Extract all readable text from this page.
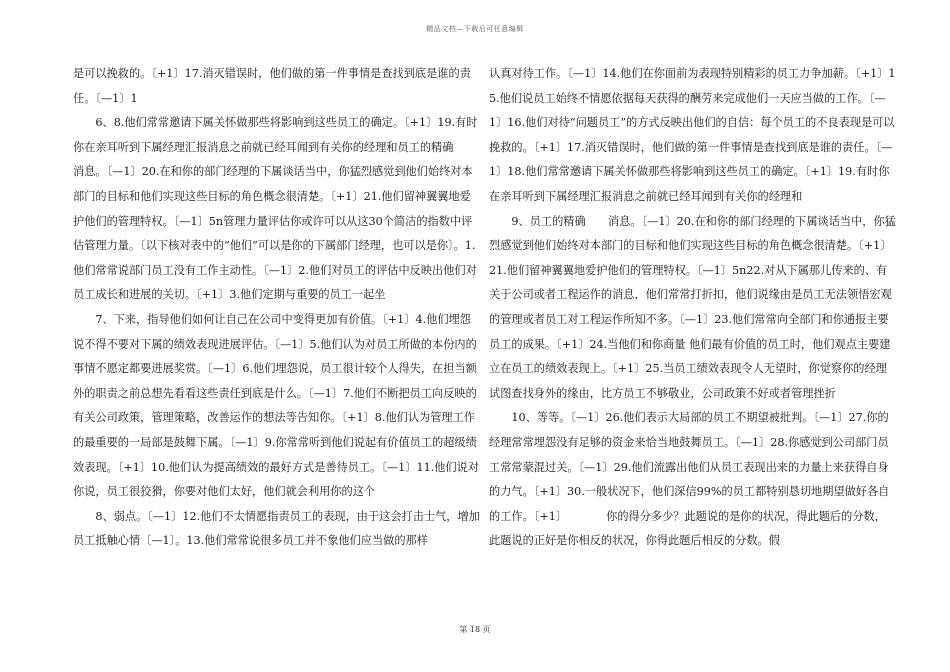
精品文档—下载后可任意编辑

是可以挽救的。〔+1〕17.消灭错误时，他们做的第一件事情是查找到底是谁的责任。〔—1〕1

6、8.他们常常邀请下属关怀做那些将影响到这些员工的确定。〔+1〕19.有时你在亲耳听到下属经理汇报消息之前就已经耳闻到有关你的经理和员工的精确　　消息。〔—1〕20.在和你的部门经理的下属谈话当中，你猛烈感觉到他们始终对本部门的目标和他们实现这些目标的角色概念很清楚。〔+1〕21.他们留神翼翼地爱护他们的管理特权。〔—1〕5n管理力量评估你或许可以从这30个简洁的指数中评估管理力量。〔以下核对表中的“他们”可以是你的下属部门经理，也可以是你〕。1.他们常常说部门员工没有工作主动性。〔—1〕2.他们对员工的评估中反映出他们对员工成长和进展的关切。〔+1〕3.他们定期与重要的员工一起坐

7、下来，指导他们如何让自己在公司中变得更加有价值。〔+1〕4.他们埋怨说不得不要对下属的绩效表现进展评估。〔—1〕5.他们认为对员工所做的本份内的事情不愿定都要进展奖赏。〔—1〕6.他们埋怨说，员工很计较个人得失，在担当额外的职责之前总想先看看这些责任到底是什么。〔—1〕7.他们不断把员工向反映的有关公司政策，管理策略，改善运作的想法等告知你。〔+1〕8.他们认为管理工作的最重要的一局部是鼓舞下属。〔—1〕9.你常常听到他们说起有价值员工的超级绩效表现。〔+1〕10.他们认为提高绩效的最好方式是善待员工。〔—1〕11.他们说对你说，员工很狡猾，你要对他们太好，他们就会利用你的这个

8、弱点。〔—1〕12.他们不太情愿指责员工的表现，由于这会打击士气，增加员工抵触心情〔—1〕。13.他们常常说很多员工并不象他们应当做的那样

认真对待工作。〔—1〕14.他们在你面前为表现特别精彩的员工力争加薪。〔+1〕15.他们说员工始终不情愿依据每天获得的酬劳来完成他们一天应当做的工作。〔—1〕16.他们对待“问题员工”的方式反映出他们的自信：每个员工的不良表现是可以挽救的。〔+1〕17.消灭错误时，他们做的第一件事情是查找到底是谁的责任。〔—1〕18.他们常常邀请下属关怀做那些将影响到这些员工的确定。〔+1〕19.有时你在亲耳听到下属经理汇报消息之前就已经耳闻到有关你的经理和

9、员工的精确　　消息。〔—1〕20.在和你的部门经理的下属谈话当中，你猛烈感觉到他们始终对本部门的目标和他们实现这些目标的角色概念很清楚。〔+1〕21.他们留神翼翼地爱护他们的管理特权。〔—1〕5n22.对从下属那儿传来的、有关于公司或者工程运作的消息，他们常常打折扣，他们说缘由是员工无法领悟宏观的管理或者员工对工程运作所知不多。〔—1〕23.他们常常向全部门和你通报主要员工的成果。〔+1〕24.当他们和你商量 他们最有价值的员工时，他们观点主要建立在员工的绩效表现上。〔+1〕25.当员工绩效表现令人无望时，你觉察你的经理试图查找身外的缘由，比方员工不够敬业，公司政策不好或者管理挫折

10、等等。〔—1〕26.他们表示大局部的员工不期望被批判。〔—1〕27.你的经理常常埋怨没有足够的资金来恰当地鼓舞员工。〔—1〕28.你感觉到公司部门员工常常蒙混过关。〔—1〕29.他们流露出他们从员工表现出来的力量上来获得自身的力气。〔+1〕30.一般状况下，他们深信99%的员工都特别恳切地期望做好各自的工作。〔+1〕　　　　你的得分多少？此题说的是你的状况，得此题后的分数，此题说的正好是你相反的状况，你得此题后相反的分数。假

第 18 页
